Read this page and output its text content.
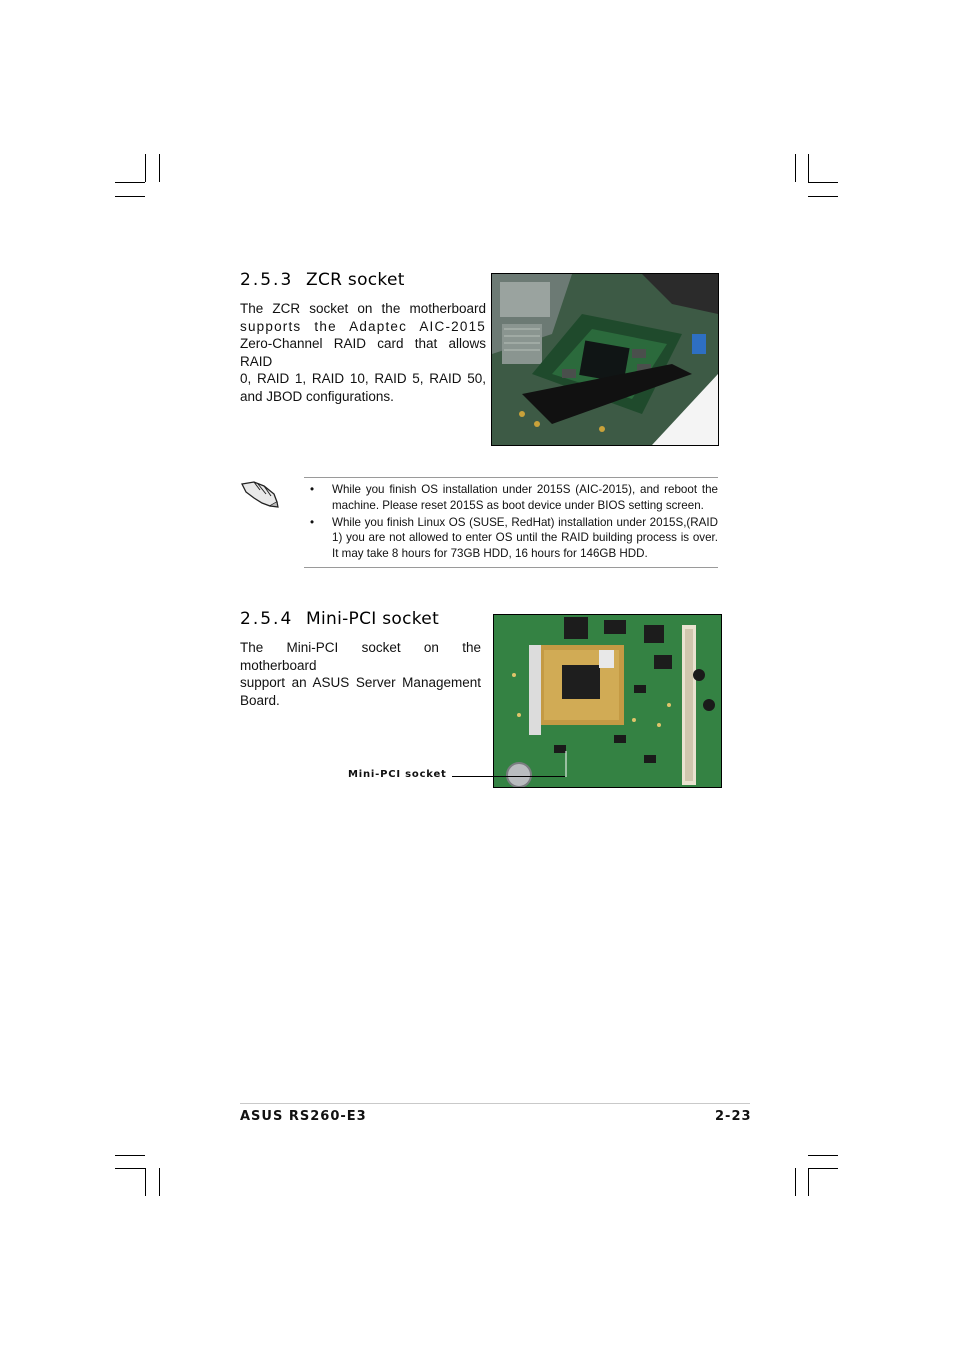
2.5.3 ZCR socket
The ZCR socket on the motherboard
supports the Adaptec AIC-2015
Zero-Channel RAID card that allows RAID
0, RAID 1, RAID 10, RAID 5, RAID 50,
and JBOD configurations.
• While you finish OS installation under 2015S (AIC-2015), and reboot the machine. Please reset 2015S as boot device under BIOS setting screen.
• While you finish Linux OS (SUSE, RedHat) installation under 2015S,(RAID 1) you are not allowed to enter OS until the RAID building process is over. It may take 8 hours for 73GB HDD, 16 hours for 146GB HDD.
2.5.4 Mini-PCI socket
The Mini-PCI socket on the motherboard
support an ASUS Server Management
Board.
Mini-PCI socket
ASUS RS260-E3	2-23
